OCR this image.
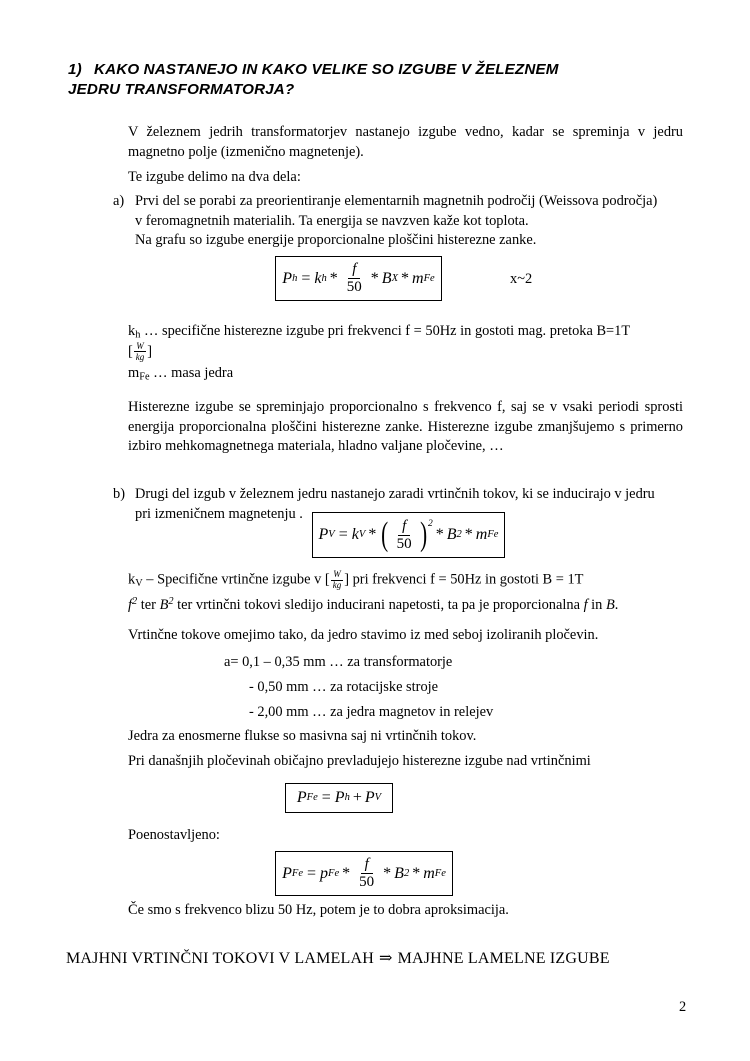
1) KAKO NASTANEJO IN KAKO VELIKE SO IZGUBE V ŽELEZNEM
JEDRU TRANSFORMATORJA?
V železnem jedrih transformatorjev nastanejo izgube vedno, kadar se spreminja v jedru magnetno polje (izmenično magnetenje).
Te izgube delimo na dva dela:
a) Prvi del se porabi za preorientiranje elementarnih magnetnih področij (Weissova področja)
v feromagnetnih materialih. Ta energija se navzven kaže kot toplota.
Na grafu so izgube energije proporcionalne ploščini histerezne zanke.
P h = k h * $\frac{f}{50}$ * B X * m Fe	x~2
$k_h$ … specifične histerezne izgube pri frekvenci f = 50Hz in gostoti mag. pretoka B=1T
[ $\frac{W}{kg}$ ]
$m_{Fe}$ … masa jedra
Histerezne izgube se spreminjajo proporcionalno s frekvenco f, saj se v vsaki periodi sprosti energija proporcionalna ploščini histerezne zanke. Histerezne izgube zmanjšujemo s primerno izbiro mehkomagnetnega materiala, hladno valjane pločevine, …
b) Drugi del izgub v železnem jedru nastanejo zaradi vrtinčnih tokov, ki se inducirajo v jedru
pri izmeničnem magnetenju .
P V = k V * ( $\frac{f}{50}$ ) 2
* B 2 * m Fe
$k_V$ – Specifične vrtinčne izgube v [ $\frac{W}{kg}$ ] pri frekvenci f = 50Hz in gostoti B = 1T
$f^2$ ter $B^2$ ter vrtinčni tokovi sledijo inducirani napetosti, ta pa je proporcionalna f in B.
Vrtinčne tokove omejimo tako, da jedro stavimo iz med seboj izoliranih pločevin.
a= 0,1 – 0,35 mm … za transformatorje
- 0,50 mm … za rotacijske stroje
- 2,00 mm … za jedra magnetov in relejev
Jedra za enosmerne flukse so masivna saj ni vrtinčnih tokov.
Pri današnjih pločevinah običajno prevladujejo histerezne izgube nad vrtinčnimi
P Fe = P h + P V
Poenostavljeno:
P Fe = p Fe * $\frac{f}{50}$ * B 2 * m Fe
Če smo s frekvenco blizu 50 Hz, potem je to dobra aproksimacija.
MAJHNI VRTINČNI TOKOVI V LAMELAH ⇒ MAJHNE LAMELNE IZGUBE
2
